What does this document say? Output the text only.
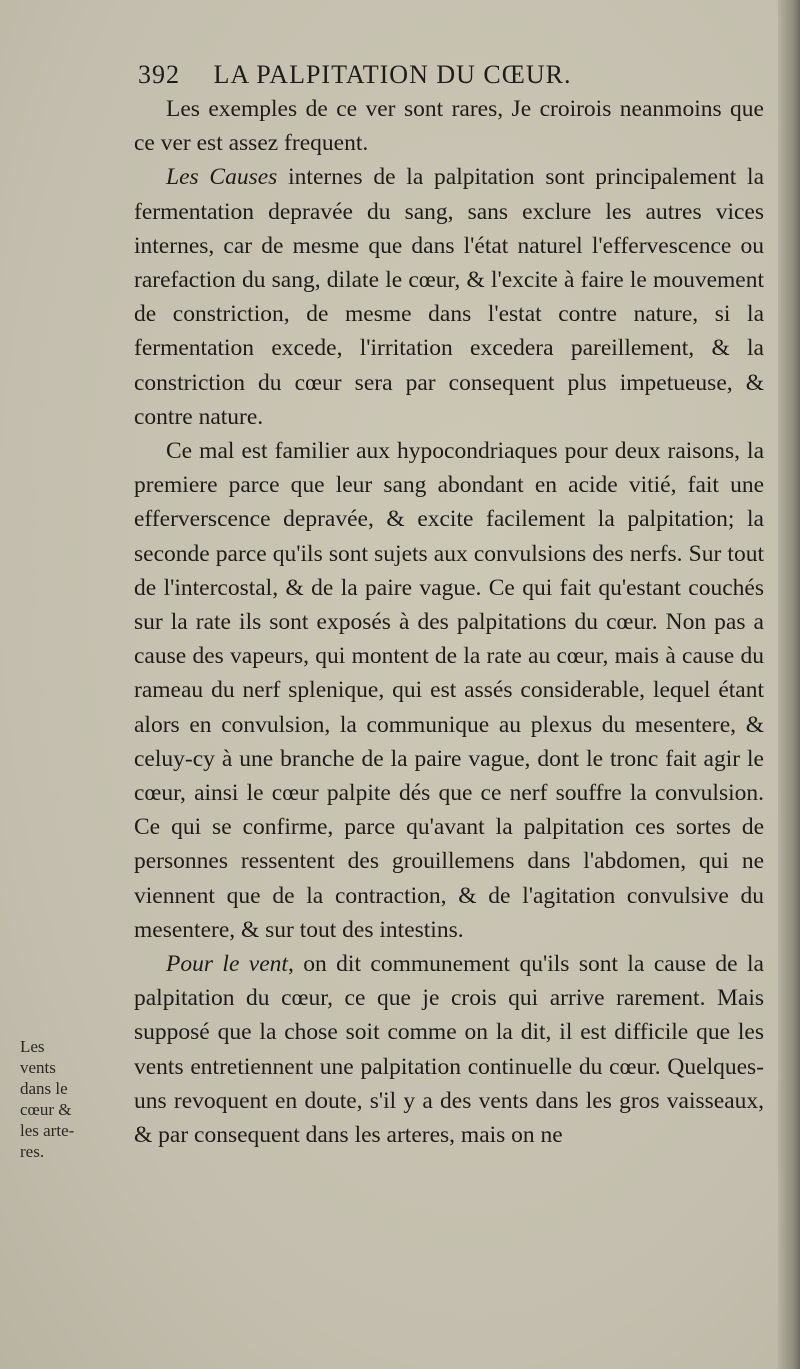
392 LA PALPITATION DU CŒUR.

Les exemples de ce ver sont rares, Je croirois neanmoins que ce ver est assez frequent.

Les Causes internes de la palpitation sont principalement la fermentation depravée du sang, sans exclure les autres vices internes, car de mesme que dans l'état naturel l'effervescence ou rarefaction du sang, dilate le cœur, & l'excite à faire le mouvement de constriction, de mesme dans l'estat contre nature, si la fermentation excede, l'irritation excedera pareillement, & la constriction du cœur sera par consequent plus impetueuse, & contre nature.

Ce mal est familier aux hypocondriaques pour deux raisons, la premiere parce que leur sang abondant en acide vitié, fait une efferverscence depravée, & excite facilement la palpitation; la seconde parce qu'ils sont sujets aux convulsions des nerfs. Sur tout de l'intercostal, & de la paire vague. Ce qui fait qu'estant couchés sur la rate ils sont exposés à des palpitations du cœur. Non pas a cause des vapeurs, qui montent de la rate au cœur, mais à cause du rameau du nerf splenique, qui est assés considerable, lequel étant alors en convulsion, la communique au plexus du mesentere, & celuy-cy à une branche de la paire vague, dont le tronc fait agir le cœur, ainsi le cœur palpite dés que ce nerf souffre la convulsion. Ce qui se confirme, parce qu'avant la palpitation ces sortes de personnes ressentent des grouillemens dans l'abdomen, qui ne viennent que de la contraction, & de l'agitation convulsive du mesentere, & sur tout des intestins.

Pour le vent, on dit communement qu'ils sont la cause de la palpitation du cœur, ce que je crois qui arrive rarement. Mais supposé que la chose soit comme on la dit, il est difficile que les vents entretiennent une palpitation continuelle du cœur. Quelques-uns revoquent en doute, s'il y a des vents dans les gros vaisseaux, & par consequent dans les arteres, mais on ne

Les
vents
dans le
cœur &
les arte-
res.
